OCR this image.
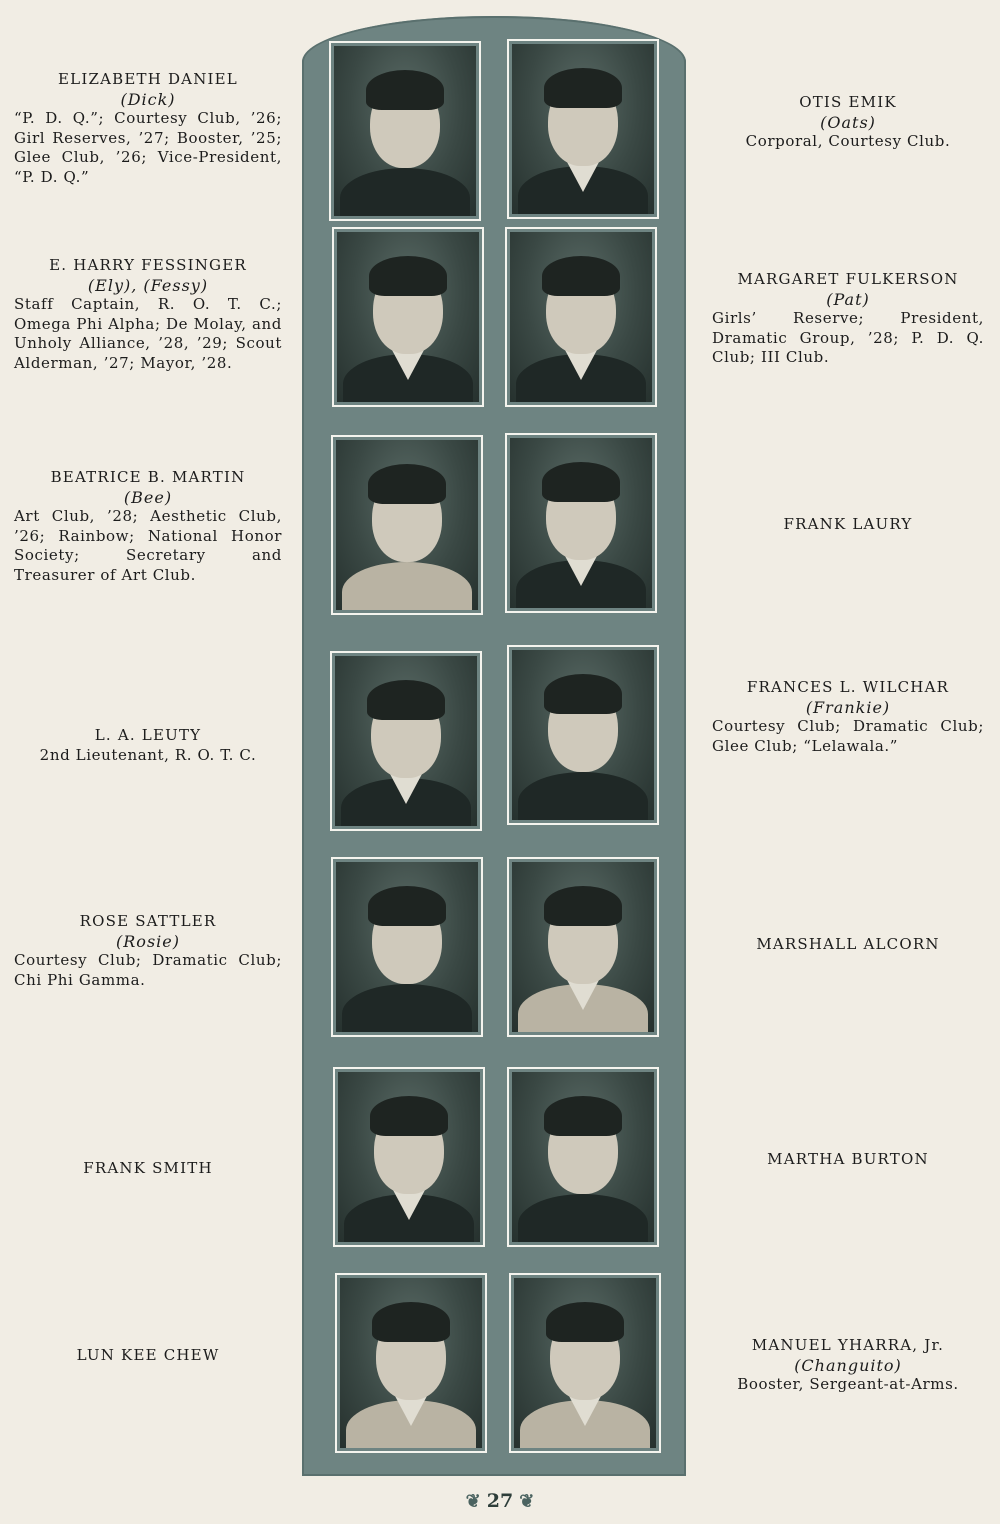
ELIZABETH DANIEL
(Dick)
“P. D. Q.”; Courtesy Club, ’26; Girl Reserves, ’27; Booster, ’25; Glee Club, ’26; Vice-President, “P. D. Q.”
E. HARRY FESSINGER
(Ely), (Fessy)
Staff Captain, R. O. T. C.; Omega Phi Alpha; De Molay, and Unholy Alliance, ’28, ’29; Scout Alderman, ’27; Mayor, ’28.
BEATRICE B. MARTIN
(Bee)
Art Club, ’28; Aesthetic Club, ’26; Rainbow; National Honor Society; Secretary and Treasurer of Art Club.
L. A. LEUTY
2nd Lieutenant, R. O. T. C.
ROSE SATTLER
(Rosie)
Courtesy Club; Dramatic Club; Chi Phi Gamma.
FRANK SMITH
LUN KEE CHEW
OTIS EMIK
(Oats)
Corporal, Courtesy Club.
MARGARET FULKERSON
(Pat)
Girls’ Reserve; President, Dramatic Group, ’28; P. D. Q. Club; III Club.
FRANK LAURY
FRANCES L. WILCHAR
(Frankie)
Courtesy Club; Dramatic Club; Glee Club; “Lelawala.”
MARSHALL ALCORN
MARTHA BURTON
MANUEL YHARRA, Jr.
(Changuito)
Booster, Sergeant-at-Arms.
❦ 27 ❦
